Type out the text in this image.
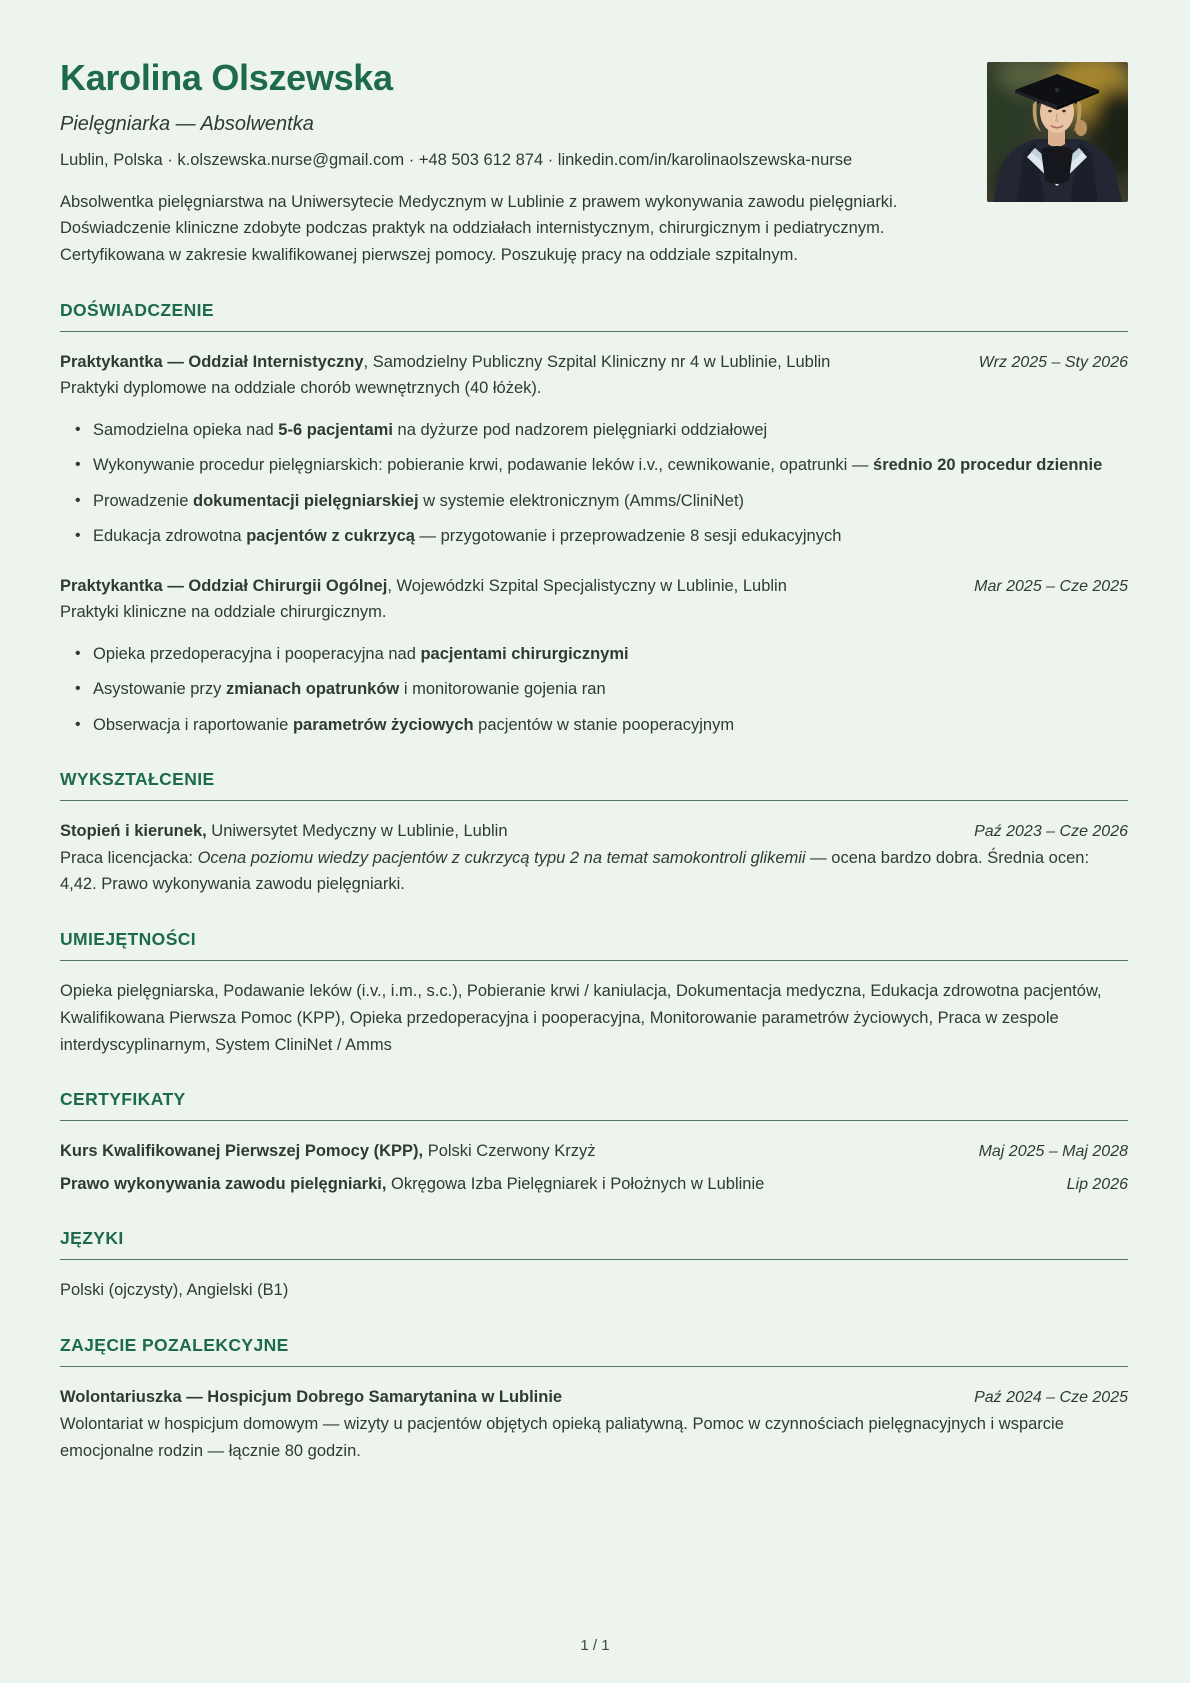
Karolina Olszewska
Pielęgniarka — Absolwentka
Lublin, Polska · k.olszewska.nurse@gmail.com · +48 503 612 874 · linkedin.com/in/karolinaolszewska-nurse
Absolwentka pielęgniarstwa na Uniwersytecie Medycznym w Lublinie z prawem wykonywania zawodu pielęgniarki. Doświadczenie kliniczne zdobyte podczas praktyk na oddziałach internistycznym, chirurgicznym i pediatrycznym. Certyfikowana w zakresie kwalifikowanej pierwszej pomocy. Poszukuję pracy na oddziale szpitalnym.
DOŚWIADCZENIE
Praktykantka — Oddział Internistyczny, Samodzielny Publiczny Szpital Kliniczny nr 4 w Lublinie, Lublin	Wrz 2025 – Sty 2026
Praktyki dyplomowe na oddziale chorób wewnętrznych (40 łóżek).
• Samodzielna opieka nad 5-6 pacjentami na dyżurze pod nadzorem pielęgniarki oddziałowej
• Wykonywanie procedur pielęgniarskich: pobieranie krwi, podawanie leków i.v., cewnikowanie, opatrunki — średnio 20 procedur dziennie
• Prowadzenie dokumentacji pielęgniarskiej w systemie elektronicznym (Amms/CliniNet)
• Edukacja zdrowotna pacjentów z cukrzycą — przygotowanie i przeprowadzenie 8 sesji edukacyjnych
Praktykantka — Oddział Chirurgii Ogólnej, Wojewódzki Szpital Specjalistyczny w Lublinie, Lublin	Mar 2025 – Cze 2025
Praktyki kliniczne na oddziale chirurgicznym.
• Opieka przedoperacyjna i pooperacyjna nad pacjentami chirurgicznymi
• Asystowanie przy zmianach opatrunków i monitorowanie gojenia ran
• Obserwacja i raportowanie parametrów życiowych pacjentów w stanie pooperacyjnym
WYKSZTAŁCENIE
Stopień i kierunek, Uniwersytet Medyczny w Lublinie, Lublin	Paź 2023 – Cze 2026
Praca licencjacka: Ocena poziomu wiedzy pacjentów z cukrzycą typu 2 na temat samokontroli glikemii — ocena bardzo dobra. Średnia ocen: 4,42. Prawo wykonywania zawodu pielęgniarki.
UMIEJĘTNOŚCI
Opieka pielęgniarska, Podawanie leków (i.v., i.m., s.c.), Pobieranie krwi / kaniulacja, Dokumentacja medyczna, Edukacja zdrowotna pacjentów, Kwalifikowana Pierwsza Pomoc (KPP), Opieka przedoperacyjna i pooperacyjna, Monitorowanie parametrów życiowych, Praca w zespole interdyscyplinarnym, System CliniNet / Amms
CERTYFIKATY
Kurs Kwalifikowanej Pierwszej Pomocy (KPP), Polski Czerwony Krzyż	Maj 2025 – Maj 2028
Prawo wykonywania zawodu pielęgniarki, Okręgowa Izba Pielęgniarek i Położnych w Lublinie	Lip 2026
JĘZYKI
Polski (ojczysty), Angielski (B1)
ZAJĘCIE POZALEKCYJNE
Wolontariuszka — Hospicjum Dobrego Samarytanina w Lublinie	Paź 2024 – Cze 2025
Wolontariat w hospicjum domowym — wizyty u pacjentów objętych opieką paliatywną. Pomoc w czynnościach pielęgnacyjnych i wsparcie emocjonalne rodzin — łącznie 80 godzin.
1 / 1
